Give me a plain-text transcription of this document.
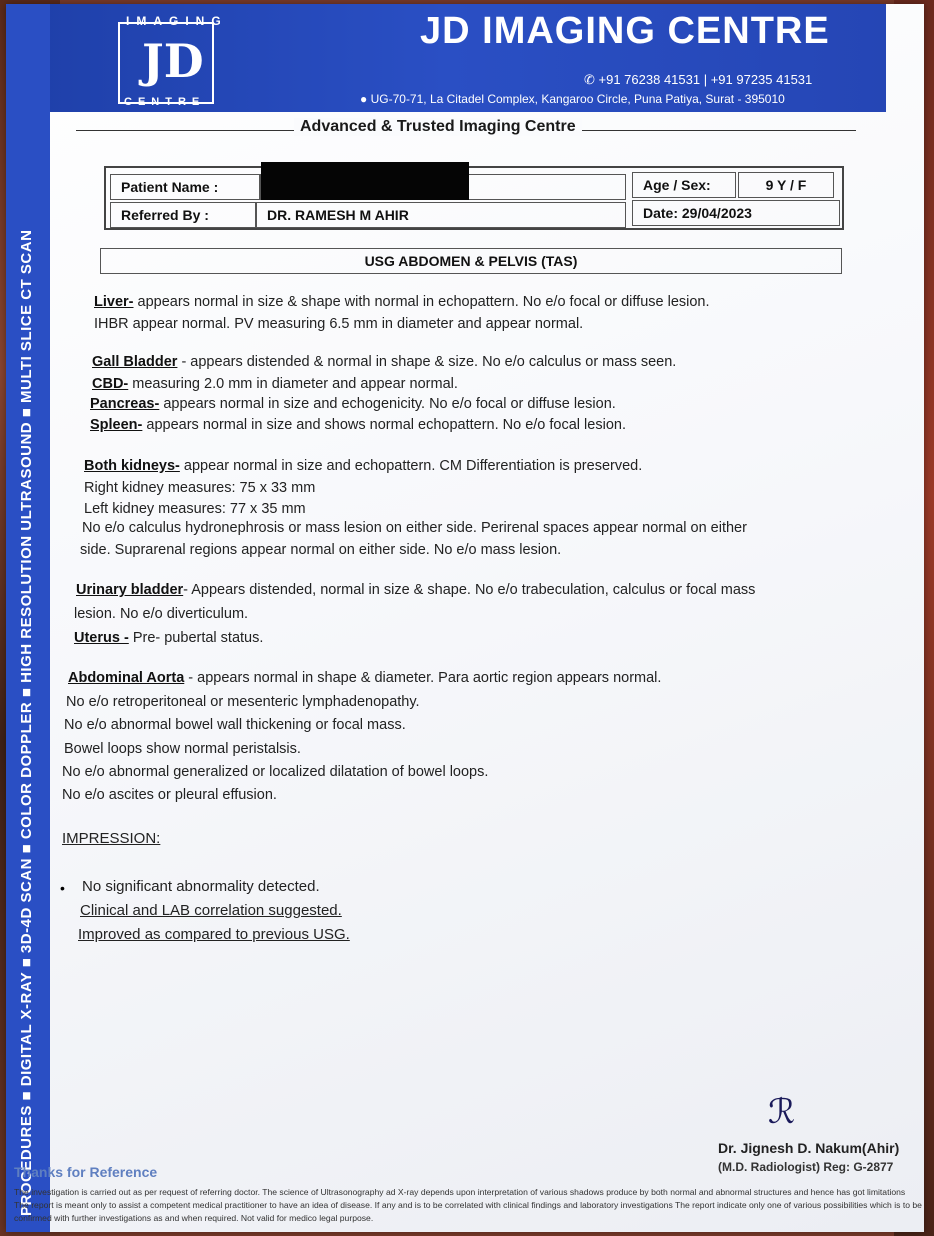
PROCEDURES ■ DIGITAL X-RAY ■ 3D-4D SCAN ■ COLOR DOPPLER ■ HIGH RESOLUTION ULTRASOUND ■ MULTI SLICE CT SCAN
IMAGING
JD
CENTRE
JD IMAGING CENTRE
✆ +91 76238 41531 | +91 97235 41531
● UG-70-71, La Citadel Complex, Kangaroo Circle, Puna Patiya, Surat - 395010
Advanced & Trusted Imaging Centre
Patient Name :
Referred By :	DR. RAMESH M AHIR
Age / Sex:	9 Y / F
Date: 29/04/2023
USG ABDOMEN & PELVIS (TAS)
Liver- appears normal in size & shape with normal in echopattern. No e/o focal or diffuse lesion.
IHBR appear normal. PV measuring 6.5 mm in diameter and appear normal.
Gall Bladder - appears distended & normal in shape & size. No e/o calculus or mass seen.
CBD- measuring 2.0 mm in diameter and appear normal.
Pancreas- appears normal in size and echogenicity. No e/o focal or diffuse lesion.
Spleen- appears normal in size and shows normal echopattern. No e/o focal lesion.
Both kidneys- appear normal in size and echopattern. CM Differentiation is preserved.
Right kidney measures: 75 x 33 mm
Left kidney measures: 77 x 35 mm
No e/o calculus hydronephrosis or mass lesion on either side. Perirenal spaces appear normal on either
side. Suprarenal regions appear normal on either side. No e/o mass lesion.
Urinary bladder- Appears distended, normal in size & shape. No e/o trabeculation, calculus or focal mass
lesion. No e/o diverticulum.
Uterus - Pre- pubertal status.
Abdominal Aorta - appears normal in shape & diameter. Para aortic region appears normal.
No e/o retroperitoneal or mesenteric lymphadenopathy.
No e/o abnormal bowel wall thickening or focal mass.
Bowel loops show normal peristalsis.
No e/o abnormal generalized or localized dilatation of bowel loops.
No e/o ascites or pleural effusion.
IMPRESSION:
• No significant abnormality detected.
Clinical and LAB correlation suggested.
Improved as compared to previous USG.
ℛ
Dr. Jignesh D. Nakum(Ahir)
(M.D. Radiologist) Reg: G-2877
Thanks for Reference
The investigation is carried out as per request of referring doctor. The science of Ultrasonography ad X-ray depends upon interpretation of various shadows produce by both normal and abnormal structures and hence has got limitations The report is meant only to assist a competent medical practitioner to have an idea of disease. If any and is to be correlated with clinical findings and laboratory investigations The report indicate only one of various possibilities which is to be confirmed with further investigations as and when required. Not valid for medico legal purpose.
